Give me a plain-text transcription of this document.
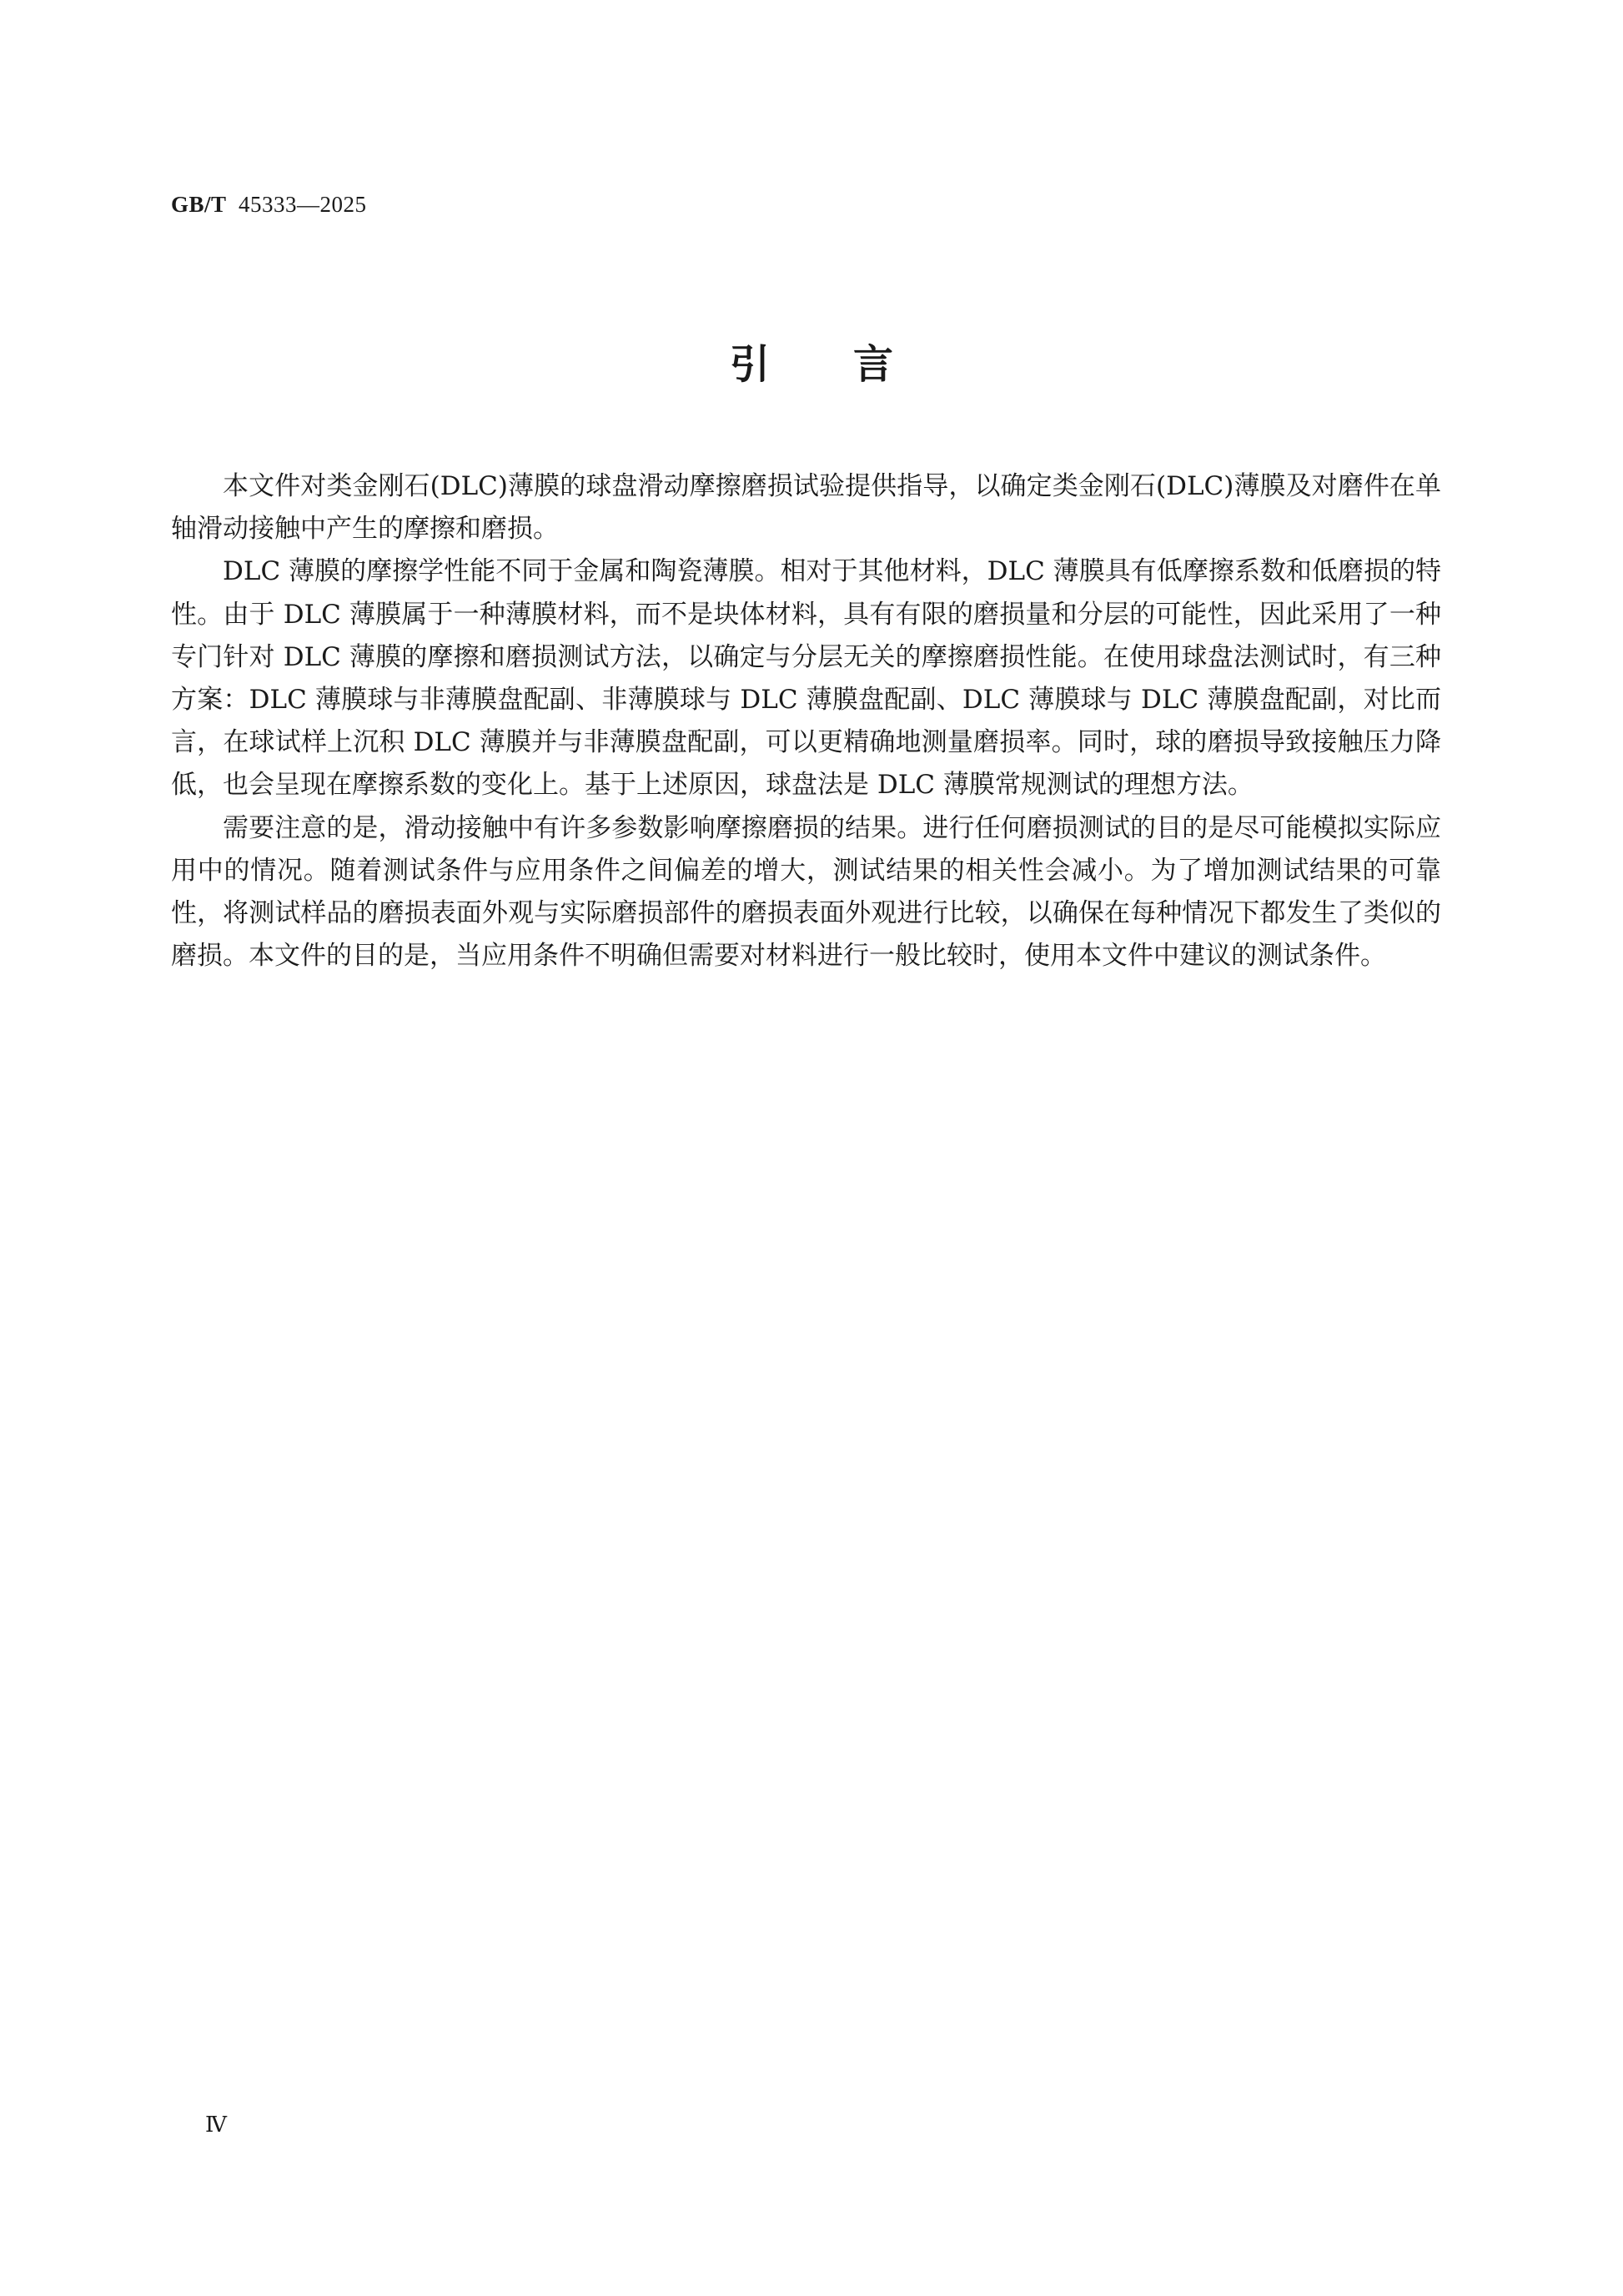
GB/T 45333—2025
引言

本文件对类金刚石(DLC)薄膜的球盘滑动摩擦磨损试验提供指导，以确定类金刚石(DLC)薄膜及对磨件在单轴滑动接触中产生的摩擦和磨损。

DLC 薄膜的摩擦学性能不同于金属和陶瓷薄膜。相对于其他材料，DLC 薄膜具有低摩擦系数和低磨损的特性。由于 DLC 薄膜属于一种薄膜材料，而不是块体材料，具有有限的磨损量和分层的可能性，因此采用了一种专门针对 DLC 薄膜的摩擦和磨损测试方法，以确定与分层无关的摩擦磨损性能。在使用球盘法测试时，有三种方案：DLC 薄膜球与非薄膜盘配副、非薄膜球与 DLC 薄膜盘配副、DLC 薄膜球与 DLC 薄膜盘配副，对比而言，在球试样上沉积 DLC 薄膜并与非薄膜盘配副，可以更精确地测量磨损率。同时，球的磨损导致接触压力降低，也会呈现在摩擦系数的变化上。基于上述原因，球盘法是 DLC 薄膜常规测试的理想方法。

需要注意的是，滑动接触中有许多参数影响摩擦磨损的结果。进行任何磨损测试的目的是尽可能模拟实际应用中的情况。随着测试条件与应用条件之间偏差的增大，测试结果的相关性会减小。为了增加测试结果的可靠性，将测试样品的磨损表面外观与实际磨损部件的磨损表面外观进行比较，以确保在每种情况下都发生了类似的磨损。本文件的目的是，当应用条件不明确但需要对材料进行一般比较时，使用本文件中建议的测试条件。

Ⅳ
